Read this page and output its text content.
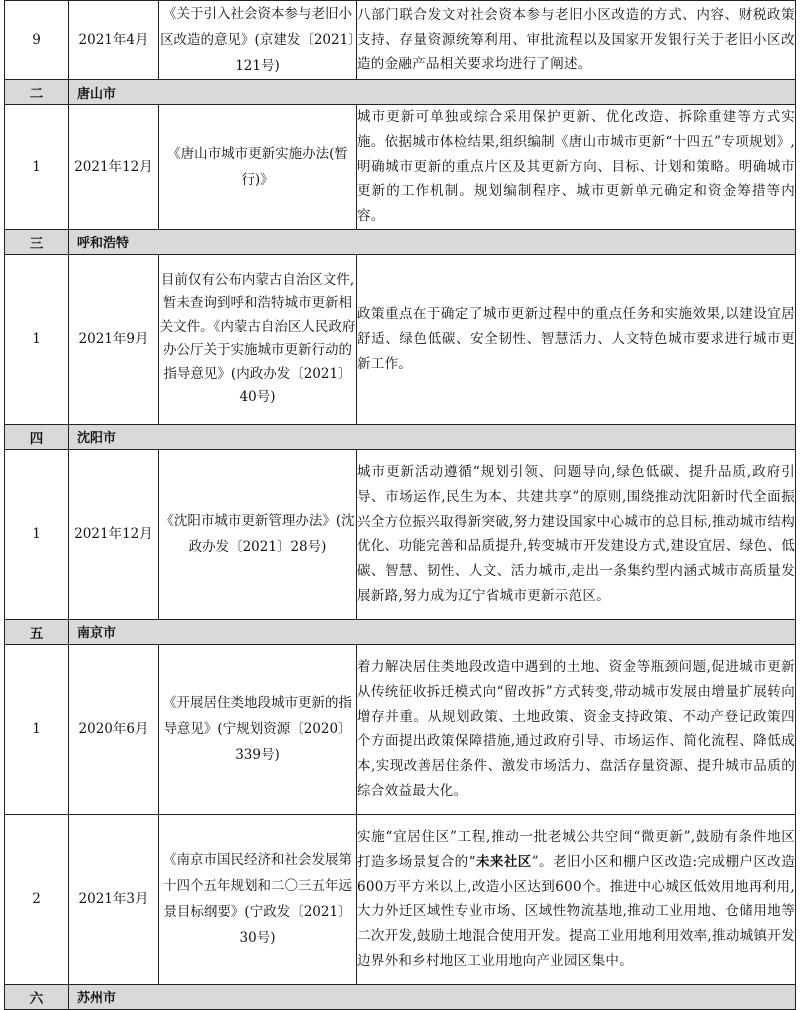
9	2021年4月	《关于引入社会资本参与老旧小区改造的意见》(京建发〔2021〕121号)	八部门联合发文对社会资本参与老旧小区改造的方式、内容、财税政策支持、存量资源统筹利用、审批流程以及国家开发银行关于老旧小区改造的金融产品相关要求均进行了阐述。
二	唐山市		
1	2021年12月	《唐山市城市更新实施办法(暂行)》	城市更新可单独或综合采用保护更新、优化改造、拆除重建等方式实施。依据城市体检结果,组织编制《唐山市城市更新“十四五”专项规划》,明确城市更新的重点片区及其更新方向、目标、计划和策略。明确城市更新的工作机制。规划编制程序、城市更新单元确定和资金筹措等内容。
三	呼和浩特		
1	2021年9月	目前仅有公布内蒙古自治区文件,暂未查询到呼和浩特城市更新相关文件。《内蒙古自治区人民政府办公厅关于实施城市更新行动的指导意见》(内政办发〔2021〕40号)	政策重点在于确定了城市更新过程中的重点任务和实施效果,以建设宜居舒适、绿色低碳、安全韧性、智慧活力、人文特色城市要求进行城市更新工作。
四	沈阳市		
1	2021年12月	《沈阳市城市更新管理办法》(沈政办发〔2021〕28号)	城市更新活动遵循“规划引领、问题导向,绿色低碳、提升品质,政府引导、市场运作,民生为本、共建共享”的原则,围绕推动沈阳新时代全面振兴全方位振兴取得新突破,努力建设国家中心城市的总目标,推动城市结构优化、功能完善和品质提升,转变城市开发建设方式,建设宜居、绿色、低碳、智慧、韧性、人文、活力城市,走出一条集约型内涵式城市高质量发展新路,努力成为辽宁省城市更新示范区。
五	南京市		
1	2020年6月	《开展居住类地段城市更新的指导意见》(宁规划资源〔2020〕339号)	着力解决居住类地段改造中遇到的土地、资金等瓶颈问题,促进城市更新从传统征收拆迁模式向“留改拆”方式转变,带动城市发展由增量扩展转向增存并重。从规划政策、土地政策、资金支持政策、不动产登记政策四个方面提出政策保障措施,通过政府引导、市场运作、简化流程、降低成本,实现改善居住条件、激发市场活力、盘活存量资源、提升城市品质的综合效益最大化。
2	2021年3月	《南京市国民经济和社会发展第十四个五年规划和二〇三五年远景目标纲要》(宁政发〔2021〕30号)	实施“宜居住区”工程,推动一批老城公共空间“微更新”,鼓励有条件地区打造多场景复合的“未来社区”。老旧小区和棚户区改造:完成棚户区改造600万平方米以上,改造小区达到600个。推进中心城区低效用地再利用,大力外迁区域性专业市场、区域性物流基地,推动工业用地、仓储用地等二次开发,鼓励土地混合使用开发。提高工业用地利用效率,推动城镇开发边界外和乡村地区工业用地向产业园区集中。
六	苏州市		
